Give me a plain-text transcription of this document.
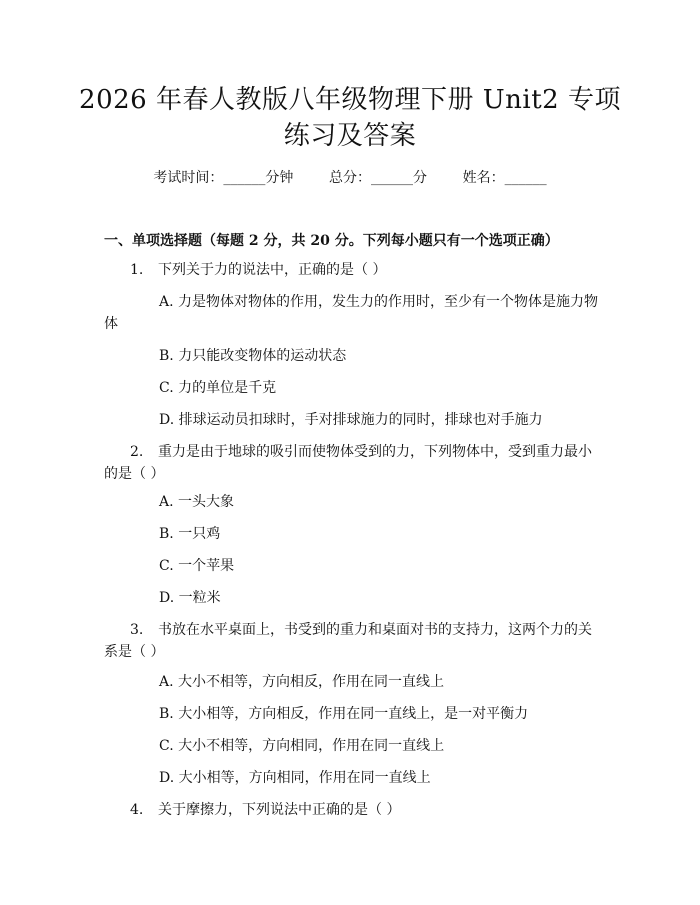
2026 年春人教版八年级物理下册 Unit2 专项
练习及答案
考试时间：______分钟	总分：______分	姓名：______
一、单项选择题（每题 2 分，共 20 分。下列每小题只有一个选项正确）
1. 下列关于力的说法中，正确的是（ ）
A. 力是物体对物体的作用，发生力的作用时，至少有一个物体是施力物体
B. 力只能改变物体的运动状态
C. 力的单位是千克
D. 排球运动员扣球时，手对排球施力的同时，排球也对手施力
2. 重力是由于地球的吸引而使物体受到的力，下列物体中，受到重力最小的是（ ）
A. 一头大象
B. 一只鸡
C. 一个苹果
D. 一粒米
3. 书放在水平桌面上，书受到的重力和桌面对书的支持力，这两个力的关系是（ ）
A. 大小不相等，方向相反，作用在同一直线上
B. 大小相等，方向相反，作用在同一直线上，是一对平衡力
C. 大小不相等，方向相同，作用在同一直线上
D. 大小相等，方向相同，作用在同一直线上
4. 关于摩擦力，下列说法中正确的是（ ）
